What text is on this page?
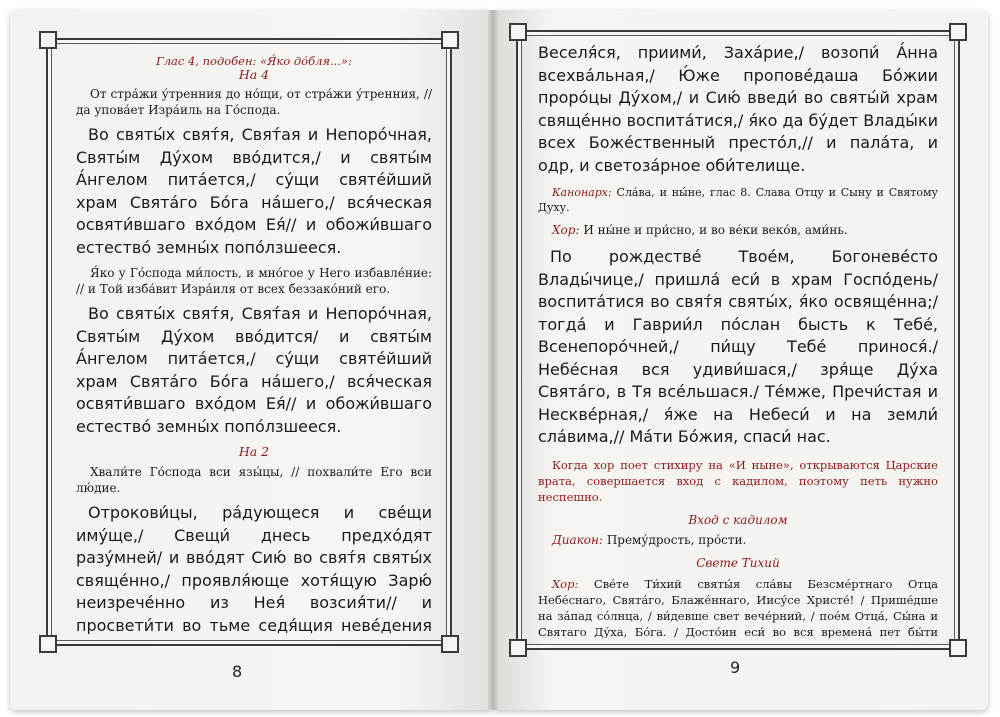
Глас 4, подобен: «Я́ко до́бля...»:

На 4

От стра́жи у́тренния до но́щи, от стра́жи у́тренния, // да упова́ет Изра́иль на Го́спода.

Во святы́х свят́я, Свят́ая и Непоро́чная, Святы́м Ду́хом вво́дится,/ и святы́м А́нгелом пита́ется,/ су́щи святе́йший храм Свята́го Бо́га на́шего,/ вся́ческая освяти́вшаго вхо́дом Ея́// и обожи́вшаго естество́ земны́х попо́лзшееся.

Я́ко у Го́спода ми́лость, и мно́гое у Него избавле́ние: // и Той изба́вит Изра́иля от всех беззако́ний его.

Во святы́х свят́я, Свят́ая и Непоро́чная, Святы́м Ду́хом вво́дится/ и святы́м А́нгелом пита́ется,/ су́щи святе́йший храм Свята́го Бо́га на́шего,/ вся́ческая освяти́вшаго вхо́дом Ея́// и обожи́вшаго естество́ земны́х попо́лзшееся.

На 2

Хвали́те Го́спода вси язы́цы, // похвали́те Его вси лю́дие.

Отрокови́цы, ра́дующеся и све́щи иму́ще,/ Свещи́ днесь предхо́дят разу́мней/ и вво́дят Сию́ во свят́я святы́х свяще́нно,/ проявля́юще хотя́щую Зарю́ неизрече́нно из Нея́ возсия́ти// и просвети́ти во тьме седя́щия неве́дения

Веселя́ся, приими́, Заха́рие,/ возопи́ А́нна всехва́льная,/ Ю́же пропове́даша Бо́жии проро́цы Ду́хом,/ и Сию́ введи́ во святы́й храм свяще́нно воспита́тися,/ я́ко да бу́дет Влады́ки всех Боже́ственный престо́л,// и пала́та, и одр, и светоза́рное оби́телище.

Канонарх: Сла́ва, и ны́не, глас 8. Слава Отцу и Сыну и Святому Духу.

Хор: И ны́не и при́сно, и во ве́ки веко́в, ами́нь.

По рождестве́ Твое́м, Богоневе́сто Влады́чице,/ пришла́ еси́ в храм Госпо́день/ воспита́тися во свят́я святы́х, я́ко освяще́нна;/ тогда́ и Гаврии́л по́слан бысть к Тебе́, Всенепоро́чней,/ пи́щу Тебе́ принося́./ Небе́сная вся удиви́шася,/ зря́ще Ду́ха Свята́го, в Тя все́льшася./ Те́мже, Пречи́стая и Нескве́рная,/ я́же на Небеси́ и на земли́ сла́вима,// Ма́ти Бо́жия, спаси́ нас.

Когда хор поет стихиру на «И ныне», открываются Царские врата, совершается вход с кадилом, поэтому петь нужно неспешно.

Вход с кадилом

Диакон: Прему́дрость, про́сти.

Свете Тихий

Хор: Све́те Ти́хий святы́я сла́вы Безсме́ртнаго Отца Небе́снаго, Свята́го, Блаже́ннаго, Иису́се Христе́! / Прише́дше на за́пад со́лнца, / ви́девше свет вече́рний, / пое́м Отца́, Сы́на и Святаго Ду́ха, Бо́га. / Досто́ин еси́ во вся времена́ пет бы́ти

8	9
